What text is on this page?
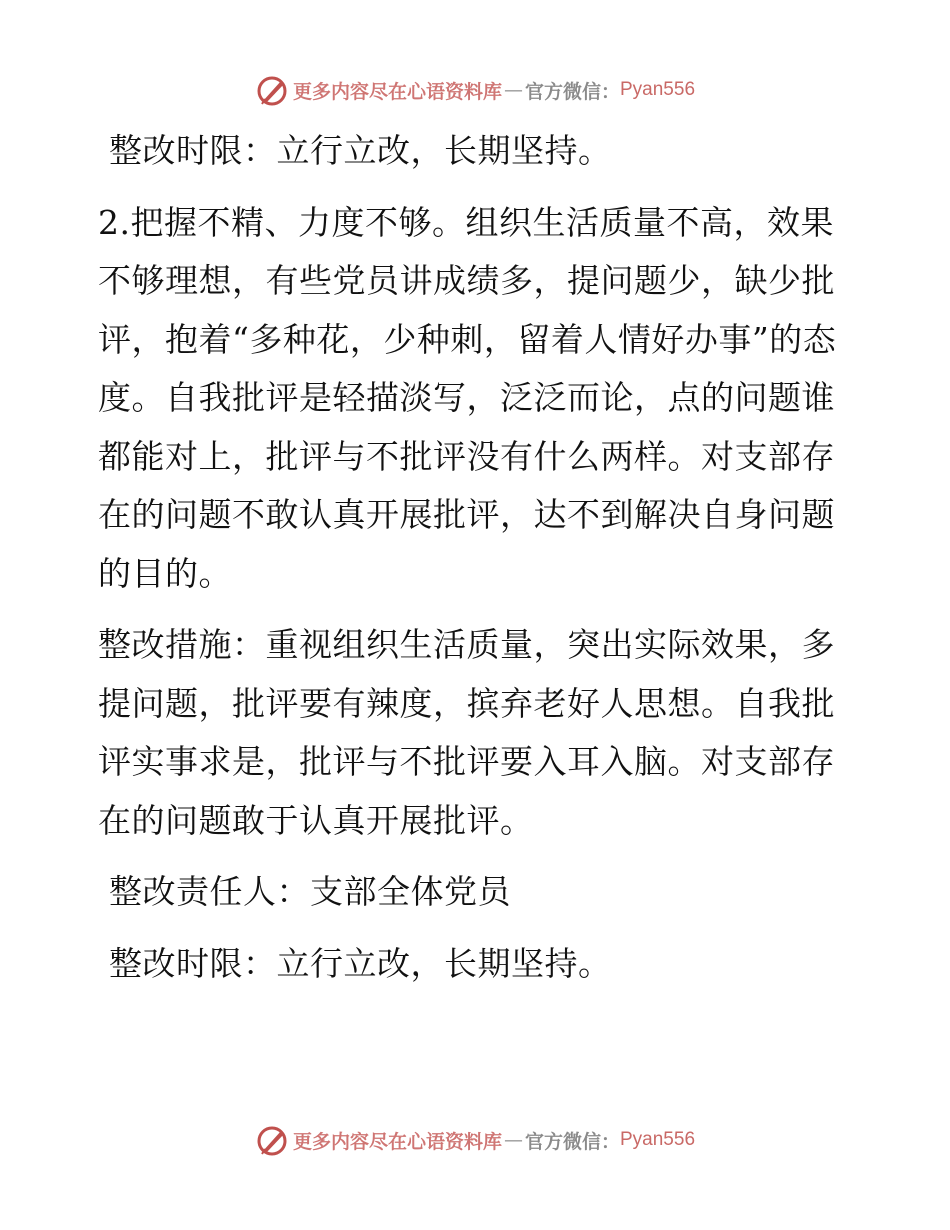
更多内容尽在心语资料库 — 官方微信： Pyan556

整改时限：立行立改，长期坚持。

2.把握不精、力度不够。组织生活质量不高，效果不够理想，有些党员讲成绩多，提问题少，缺少批评，抱着“多种花，少种刺，留着人情好办事”的态度。自我批评是轻描淡写，泛泛而论，点的问题谁都能对上，批评与不批评没有什么两样。对支部存在的问题不敢认真开展批评，达不到解决自身问题的目的。

整改措施：重视组织生活质量，突出实际效果，多提问题，批评要有辣度，摈弃老好人思想。自我批评实事求是，批评与不批评要入耳入脑。对支部存在的问题敢于认真开展批评。

整改责任人：支部全体党员

整改时限：立行立改，长期坚持。

更多内容尽在心语资料库 — 官方微信： Pyan556
